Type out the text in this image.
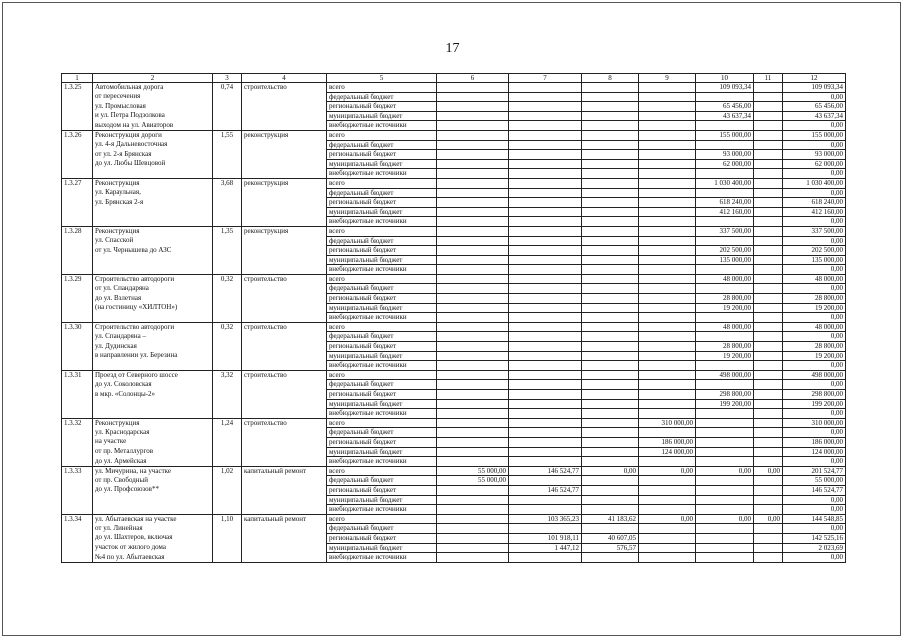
17
1	2	3	4	5	6	7	8	9	10	11	12
1.3.25	Автомобильная дорога	0,74	строительство	всего					109 093,34		109 093,34
	от пересечения			федеральный бюджет							0,00
	ул. Промысловая			региональный бюджет					65 456,00		65 456,00
	и ул. Петра Подзолкова			муниципальный бюджет					43 637,34		43 637,34
	выходом на ул. Авиаторов			внебюджетные источники							0,00
1.3.26	Реконструкция дороги	1,55	реконструкция	всего					155 000,00		155 000,00
	ул. 4-я Дальневосточная			федеральный бюджет							0,00
	от ул. 2-я Брянская			региональный бюджет					93 000,00		93 000,00
	до ул. Любы Шевцовой			муниципальный бюджет					62 000,00		62 000,00
				внебюджетные источники							0,00
1.3.27	Реконструкция	3,68	реконструкция	всего					1 030 400,00		1 030 400,00
	ул. Караульная,			федеральный бюджет							0,00
	ул. Брянская 2-я			региональный бюджет					618 240,00		618 240,00
				муниципальный бюджет					412 160,00		412 160,00
				внебюджетные источники							0,00
1.3.28	Реконструкция	1,35	реконструкция	всего					337 500,00		337 500,00
	ул. Спасской			федеральный бюджет							0,00
	от ул. Чернышева до АЗС			региональный бюджет					202 500,00		202 500,00
				муниципальный бюджет					135 000,00		135 000,00
				внебюджетные источники							0,00
1.3.29	Строительство автодороги	0,32	строительство	всего					48 000,00		48 000,00
	от ул. Спандаряна			федеральный бюджет							0,00
	до ул. Взлетная			региональный бюджет					28 800,00		28 800,00
	(на гостиницу «ХИЛТОН»)			муниципальный бюджет					19 200,00		19 200,00
				внебюджетные источники							0,00
1.3.30	Строительство автодороги	0,32	строительство	всего					48 000,00		48 000,00
	ул. Спандаряна –			федеральный бюджет							0,00
	ул. Дудинская			региональный бюджет					28 800,00		28 800,00
	в направлении ул. Березина			муниципальный бюджет					19 200,00		19 200,00
				внебюджетные источники							0,00
1.3.31	Проезд от Северного шоссе	3,32	строительство	всего					498 000,00		498 000,00
	до ул. Соколовская			федеральный бюджет							0,00
	в мкр. «Солонцы-2»			региональный бюджет					298 800,00		298 800,00
				муниципальный бюджет					199 200,00		199 200,00
				внебюджетные источники							0,00
1.3.32	Реконструкция	1,24	строительство	всего				310 000,00			310 000,00
	ул. Краснодарская			федеральный бюджет							0,00
	на участке			региональный бюджет				186 000,00			186 000,00
	от пр. Металлургов			муниципальный бюджет				124 000,00			124 000,00
	до ул. Армейская			внебюджетные источники							0,00
1.3.33	ул. Мичурина, на участке	1,02	капитальный ремонт	всего	55 000,00	146 524,77	0,00	0,00	0,00	0,00	201 524,77
	от пр. Свободный			федеральный бюджет	55 000,00						55 000,00
	до ул. Профсоюзов**			региональный бюджет		146 524,77					146 524,77
				муниципальный бюджет							0,00
				внебюджетные источники							0,00
1.3.34	ул. Абытаевская на участке	1,10	капитальный ремонт	всего		103 365,23	41 183,62	0,00	0,00	0,00	144 548,85
	от ул. Линейная			федеральный бюджет							0,00
	до ул. Шахтеров, включая			региональный бюджет		101 918,11	40 607,05				142 525,16
	участок от жилого дома			муниципальный бюджет		1 447,12	576,57				2 023,69
	№4 по ул. Абытаевская			внебюджетные источники							0,00
